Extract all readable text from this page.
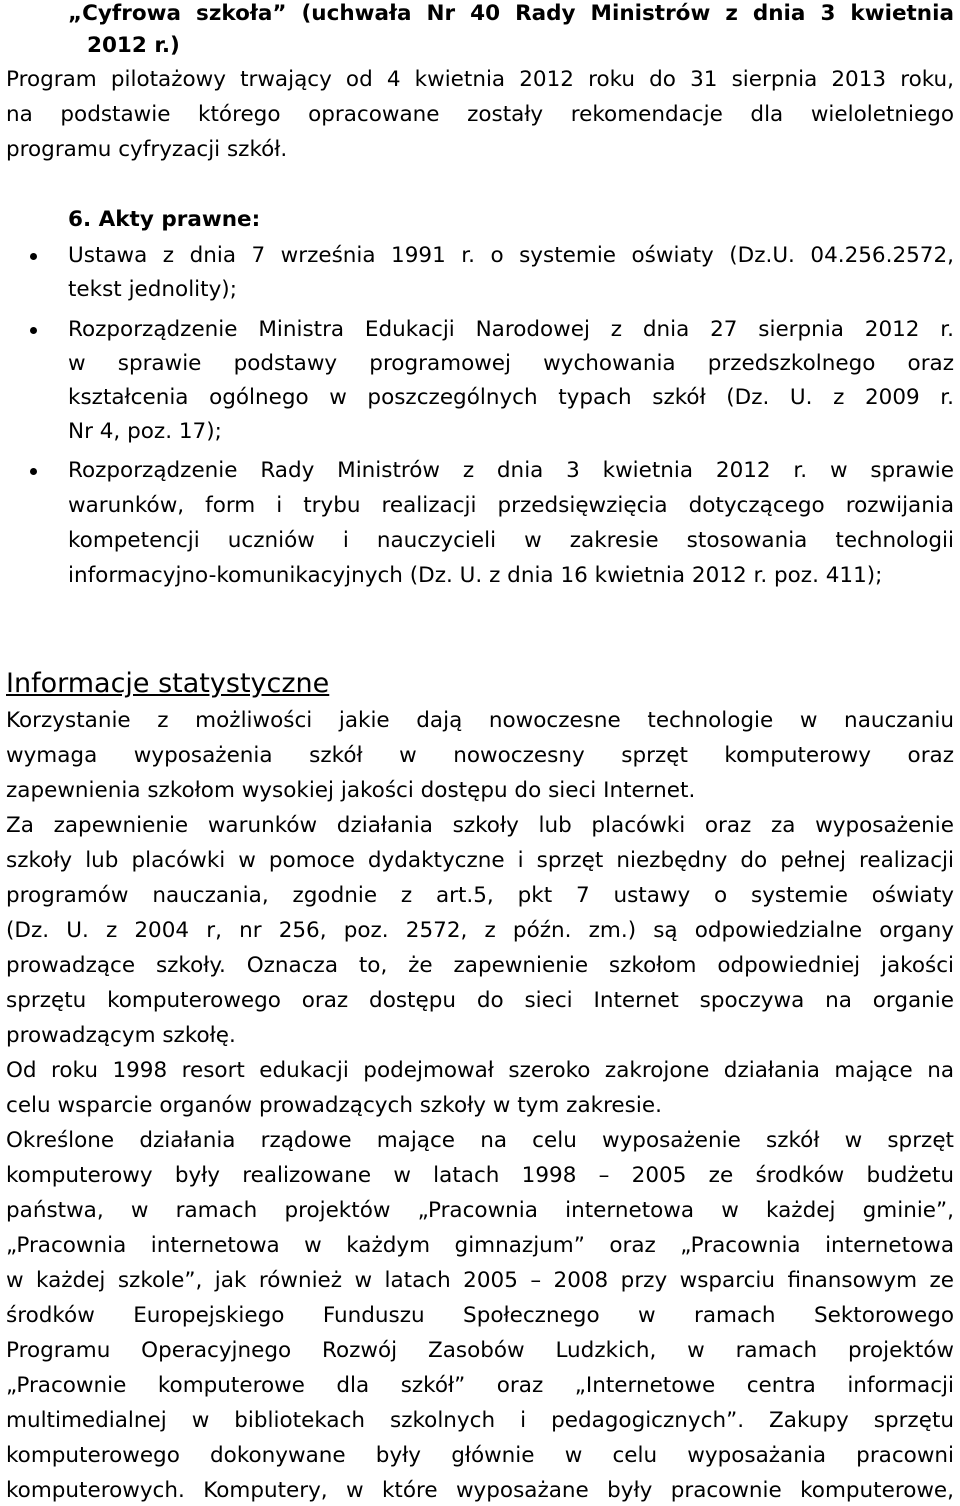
„Cyfrowa szkoła” (uchwała Nr 40 Rady Ministrów z dnia 3 kwietnia
2012 r.)
Program pilotażowy trwający od 4 kwietnia 2012 roku do 31 sierpnia 2013 roku,
na podstawie którego opracowane zostały rekomendacje dla wieloletniego
programu cyfryzacji szkół.
6. Akty prawne:
Ustawa z dnia 7 września 1991 r. o systemie oświaty (Dz.U. 04.256.2572,
tekst jednolity);
Rozporządzenie Ministra Edukacji Narodowej z dnia 27 sierpnia 2012 r.
w sprawie podstawy programowej wychowania przedszkolnego oraz
kształcenia ogólnego w poszczególnych typach szkół (Dz. U. z 2009 r.
Nr 4, poz. 17);
Rozporządzenie Rady Ministrów z dnia 3 kwietnia 2012 r. w sprawie
warunków, form i trybu realizacji przedsięwzięcia dotyczącego rozwijania
kompetencji uczniów i nauczycieli w zakresie stosowania technologii
informacyjno-komunikacyjnych (Dz. U. z dnia 16 kwietnia 2012 r. poz. 411);
Informacje statystyczne
Korzystanie z możliwości jakie dają nowoczesne technologie w nauczaniu
wymaga wyposażenia szkół w nowoczesny sprzęt komputerowy oraz
zapewnienia szkołom wysokiej jakości dostępu do sieci Internet.
Za zapewnienie warunków działania szkoły lub placówki oraz za wyposażenie
szkoły lub placówki w pomoce dydaktyczne i sprzęt niezbędny do pełnej realizacji
programów nauczania, zgodnie z art.5, pkt 7 ustawy o systemie oświaty
(Dz. U. z 2004 r, nr 256, poz. 2572, z późn. zm.) są odpowiedzialne organy
prowadzące szkoły. Oznacza to, że zapewnienie szkołom odpowiedniej jakości
sprzętu komputerowego oraz dostępu do sieci Internet spoczywa na organie
prowadzącym szkołę.
Od roku 1998 resort edukacji podejmował szeroko zakrojone działania mające na
celu wsparcie organów prowadzących szkoły w tym zakresie.
Określone działania rządowe mające na celu wyposażenie szkół w sprzęt
komputerowy były realizowane w latach 1998 – 2005 ze środków budżetu
państwa, w ramach projektów „Pracownia internetowa w każdej gminie”,
„Pracownia internetowa w każdym gimnazjum” oraz „Pracownia internetowa
w każdej szkole”, jak również w latach 2005 – 2008 przy wsparciu finansowym ze
środków Europejskiego Funduszu Społecznego w ramach Sektorowego
Programu Operacyjnego Rozwój Zasobów Ludzkich, w ramach projektów
„Pracownie komputerowe dla szkół” oraz „Internetowe centra informacji
multimedialnej w bibliotekach szkolnych i pedagogicznych”. Zakupy sprzętu
komputerowego dokonywane były głównie w celu wyposażania pracowni
komputerowych. Komputery, w które wyposażane były pracownie komputerowe,
